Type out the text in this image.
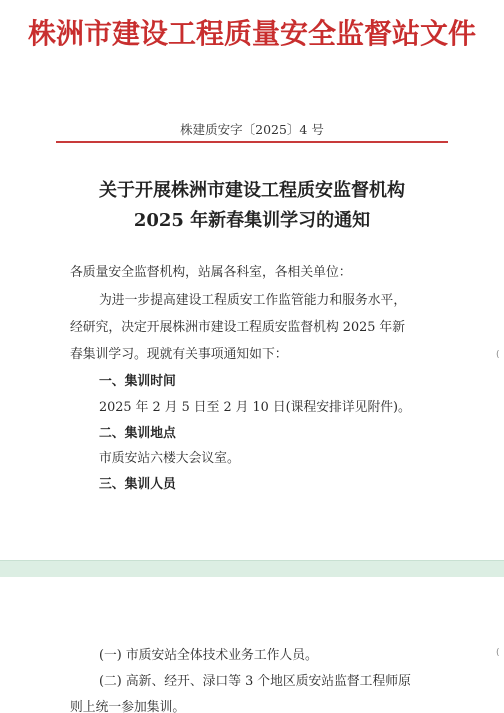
株洲市建设工程质量安全监督站文件
株建质安字〔2025〕4 号
关于开展株洲市建设工程质安监督机构
2025 年新春集训学习的通知
各质量安全监督机构，站属各科室，各相关单位：
为进一步提高建设工程质安工作监管能力和服务水平，
经研究，决定开展株洲市建设工程质安监督机构 2025 年新
春集训学习。现就有关事项通知如下：
一、集训时间
2025 年 2 月 5 日至 2 月 10 日(课程安排详见附件)。
二、集训地点
市质安站六楼大会议室。
三、集训人员
(
(一) 市质安站全体技术业务工作人员。
(二) 高新、经开、渌口等 3 个地区质安站监督工程师原
则上统一参加集训。
(
